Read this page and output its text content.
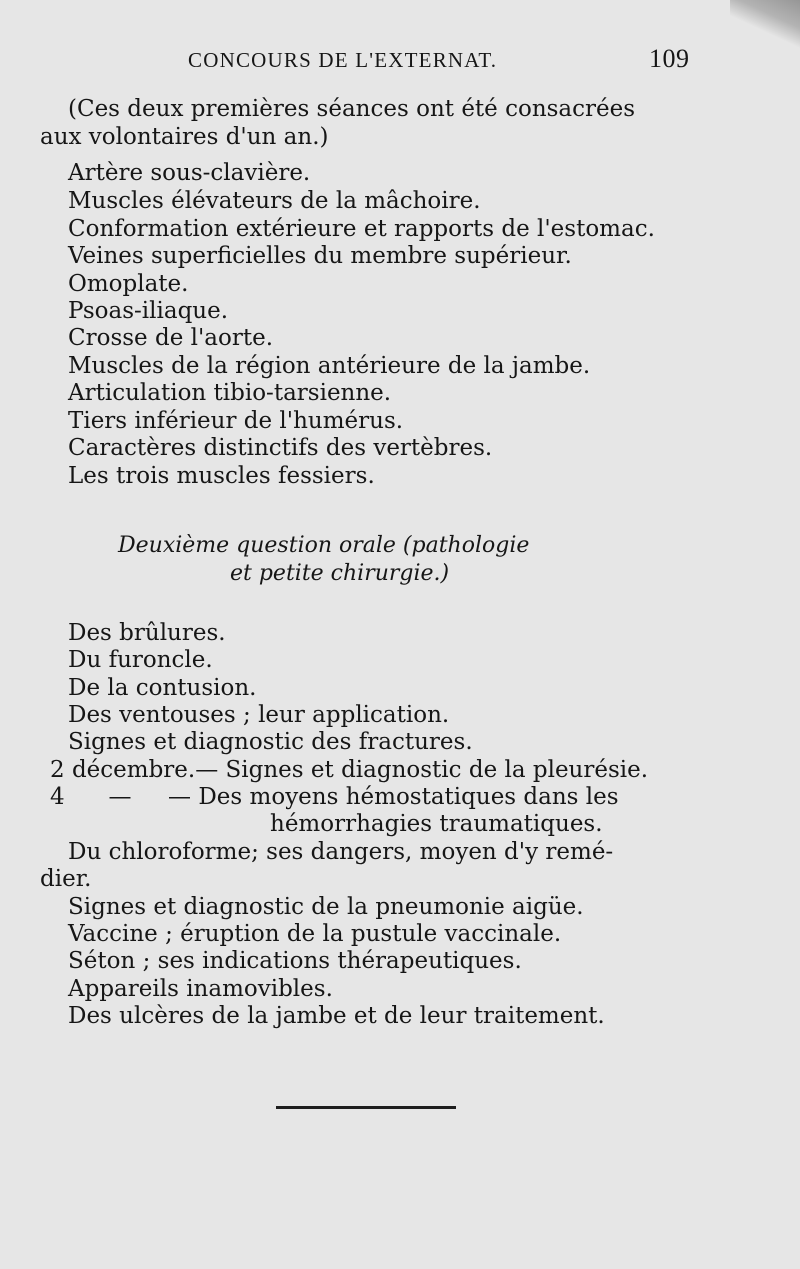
CONCOURS DE L'EXTERNAT.	109
(Ces deux premières séances ont été consacrées
aux volontaires d'un an.)
Artère sous-clavière.
Muscles élévateurs de la mâchoire.
Conformation extérieure et rapports de l'estomac.
Veines superficielles du membre supérieur.
Omoplate.
Psoas-iliaque.
Crosse de l'aorte.
Muscles de la région antérieure de la jambe.
Articulation tibio-tarsienne.
Tiers inférieur de l'humérus.
Caractères distinctifs des vertèbres.
Les trois muscles fessiers.
Deuxième question orale (pathologie
et petite chirurgie.)
Des brûlures.
Du furoncle.
De la contusion.
Des ventouses ; leur application.
Signes et diagnostic des fractures.
2 décembre.— Signes et diagnostic de la pleurésie.
4      —     — Des moyens hémostatiques dans les
hémorrhagies traumatiques.
Du chloroforme; ses dangers, moyen d'y remé-
dier.
Signes et diagnostic de la pneumonie aigüe.
Vaccine ; éruption de la pustule vaccinale.
Séton ; ses indications thérapeutiques.
Appareils inamovibles.
Des ulcères de la jambe et de leur traitement.
